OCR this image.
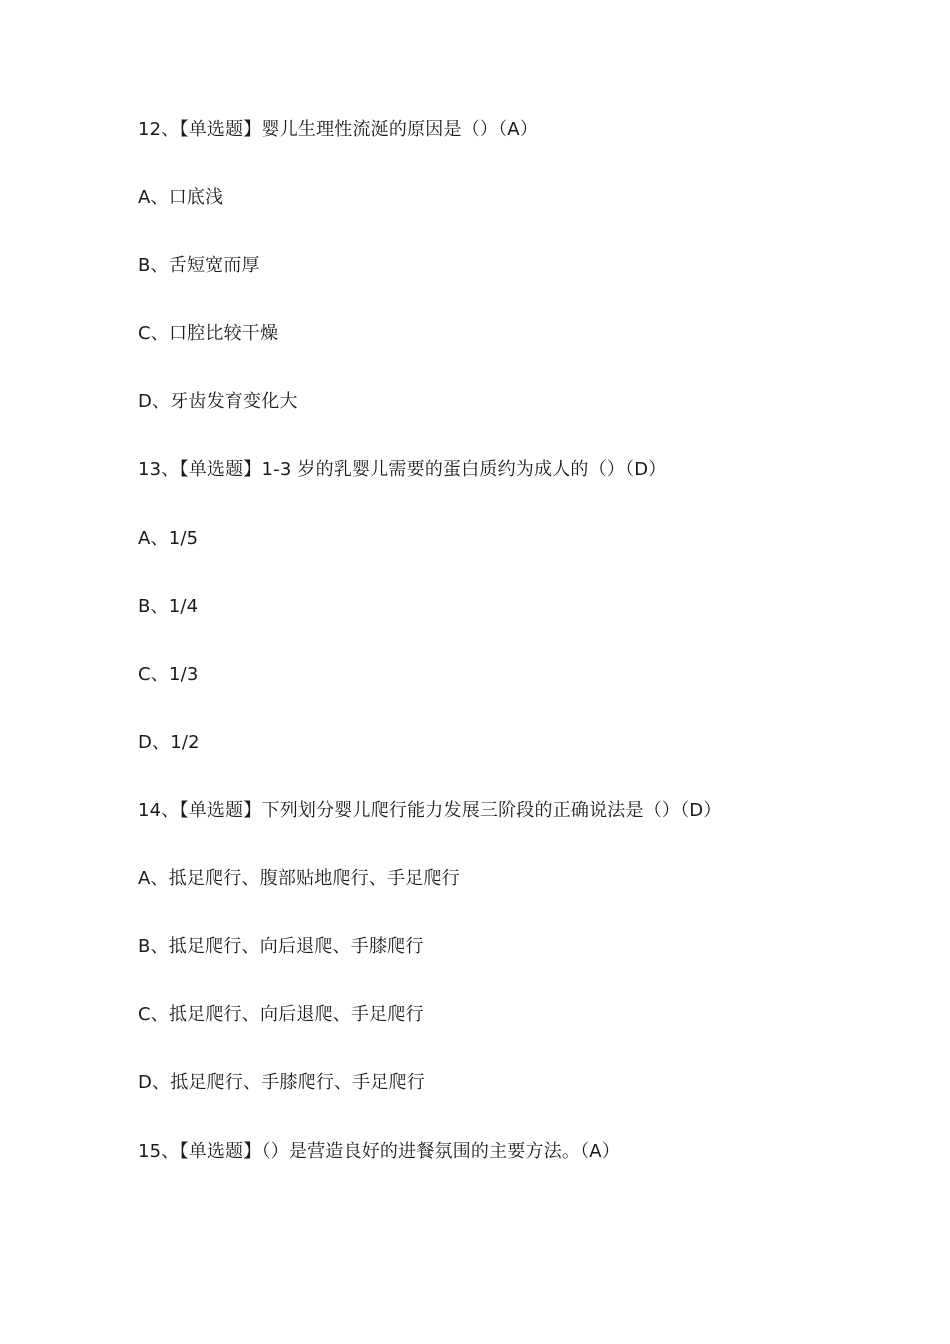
12、【单选题】婴儿生理性流涎的原因是（）（A）
A、口底浅
B、舌短宽而厚
C、口腔比较干燥
D、牙齿发育变化大
13、【单选题】1-3 岁的乳婴儿需要的蛋白质约为成人的（）（D）
A、1/5
B、1/4
C、1/3
D、1/2
14、【单选题】下列划分婴儿爬行能力发展三阶段的正确说法是（）（D）
A、抵足爬行、腹部贴地爬行、手足爬行
B、抵足爬行、向后退爬、手膝爬行
C、抵足爬行、向后退爬、手足爬行
D、抵足爬行、手膝爬行、手足爬行
15、【单选题】（）是营造良好的进餐氛围的主要方法。（A）
